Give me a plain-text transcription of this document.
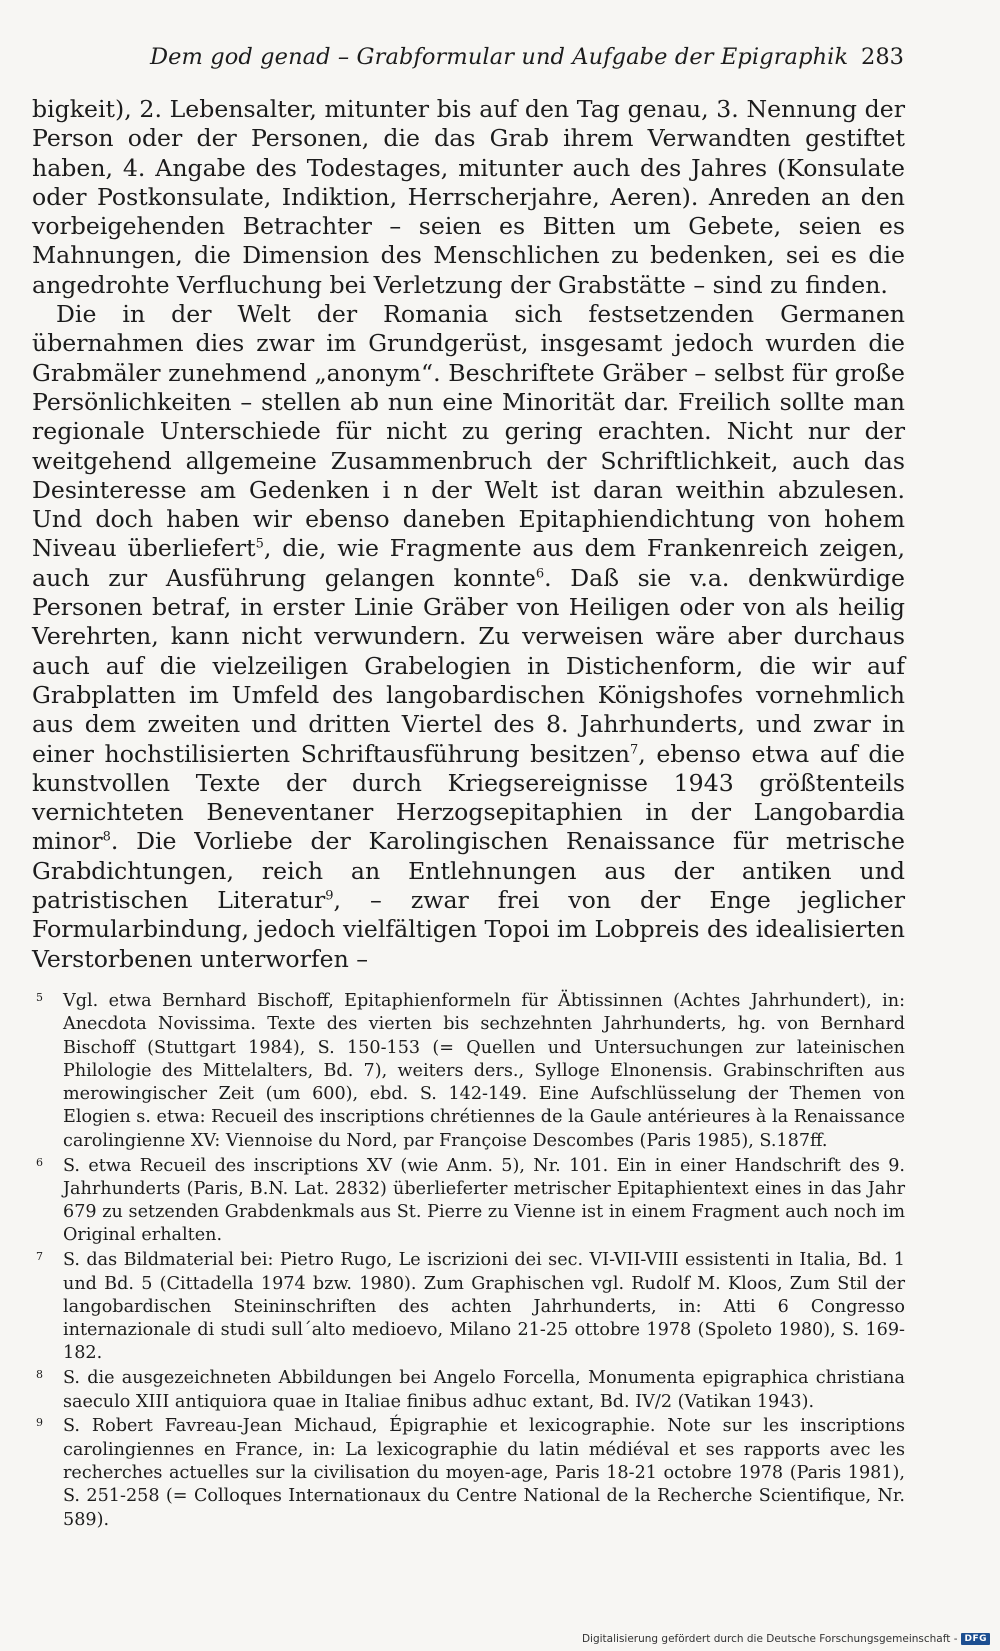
Dem god genad – Grabformular und Aufgabe der Epigraphik 283

bigkeit), 2. Lebensalter, mitunter bis auf den Tag genau, 3. Nennung der Person oder der Personen, die das Grab ihrem Verwandten gestiftet haben, 4. Angabe des Todestages, mitunter auch des Jahres (Konsulate oder Postkonsulate, Indiktion, Herrscherjahre, Aeren). Anreden an den vorbeigehenden Betrachter – seien es Bitten um Gebete, seien es Mahnungen, die Dimension des Menschlichen zu bedenken, sei es die angedrohte Verfluchung bei Verletzung der Grabstätte – sind zu finden.

Die in der Welt der Romania sich festsetzenden Germanen übernahmen dies zwar im Grundgerüst, insgesamt jedoch wurden die Grabmäler zunehmend „anonym“. Beschriftete Gräber – selbst für große Persönlichkeiten – stellen ab nun eine Minorität dar. Freilich sollte man regionale Unterschiede für nicht zu gering erachten. Nicht nur der weitgehend allgemeine Zusammenbruch der Schriftlichkeit, auch das Desinteresse am Gedenken i n der Welt ist daran weithin abzulesen. Und doch haben wir ebenso daneben Epitaphiendichtung von hohem Niveau überliefert$^5$, die, wie Fragmente aus dem Frankenreich zeigen, auch zur Ausführung gelangen konnte$^6$. Daß sie v.a. denkwürdige Personen betraf, in erster Linie Gräber von Heiligen oder von als heilig Verehrten, kann nicht verwundern. Zu verweisen wäre aber durchaus auch auf die vielzeiligen Grabelogien in Distichenform, die wir auf Grabplatten im Umfeld des langobardischen Königshofes vornehmlich aus dem zweiten und dritten Viertel des 8. Jahrhunderts, und zwar in einer hochstilisierten Schriftausführung besitzen$^7$, ebenso etwa auf die kunstvollen Texte der durch Kriegsereignisse 1943 größtenteils vernichteten Beneventaner Herzogsepitaphien in der Langobardia minor$^8$. Die Vorliebe der Karolingischen Renaissance für metrische Grabdichtungen, reich an Entlehnungen aus der antiken und patristischen Literatur$^9$, – zwar frei von der Enge jeglicher Formularbindung, jedoch vielfältigen Topoi im Lobpreis des idealisierten Verstorbenen unterworfen –

5 Vgl. etwa Bernhard Bischoff, Epitaphienformeln für Äbtissinnen (Achtes Jahrhundert), in: Anecdota Novissima. Texte des vierten bis sechzehnten Jahrhunderts, hg. von Bernhard Bischoff (Stuttgart 1984), S. 150-153 (= Quellen und Untersuchungen zur lateinischen Philologie des Mittelalters, Bd. 7), weiters ders., Sylloge Elnonensis. Grabinschriften aus merowingischer Zeit (um 600), ebd. S. 142-149. Eine Aufschlüsselung der Themen von Elogien s. etwa: Recueil des inscriptions chrétiennes de la Gaule antérieures à la Renaissance carolingienne XV: Viennoise du Nord, par Françoise Descombes (Paris 1985), S.187ff.
6 S. etwa Recueil des inscriptions XV (wie Anm. 5), Nr. 101. Ein in einer Handschrift des 9. Jahrhunderts (Paris, B.N. Lat. 2832) überlieferter metrischer Epitaphientext eines in das Jahr 679 zu setzenden Grabdenkmals aus St. Pierre zu Vienne ist in einem Fragment auch noch im Original erhalten.
7 S. das Bildmaterial bei: Pietro Rugo, Le iscrizioni dei sec. VI-VII-VIII essistenti in Italia, Bd. 1 und Bd. 5 (Cittadella 1974 bzw. 1980). Zum Graphischen vgl. Rudolf M. Kloos, Zum Stil der langobardischen Steininschriften des achten Jahrhunderts, in: Atti 6 Congresso internazionale di studi sull´alto medioevo, Milano 21-25 ottobre 1978 (Spoleto 1980), S. 169-182.
8 S. die ausgezeichneten Abbildungen bei Angelo Forcella, Monumenta epigraphica christiana saeculo XIII antiquiora quae in Italiae finibus adhuc extant, Bd. IV/2 (Vatikan 1943).
9 S. Robert Favreau-Jean Michaud, Épigraphie et lexicographie. Note sur les inscriptions carolingiennes en France, in: La lexicographie du latin médiéval et ses rapports avec les recherches actuelles sur la civilisation du moyen-age, Paris 18-21 octobre 1978 (Paris 1981), S. 251-258 (= Colloques Internationaux du Centre National de la Recherche Scientifique, Nr. 589).
Digitalisierung gefördert durch die Deutsche Forschungsgemeinschaft - DFG
